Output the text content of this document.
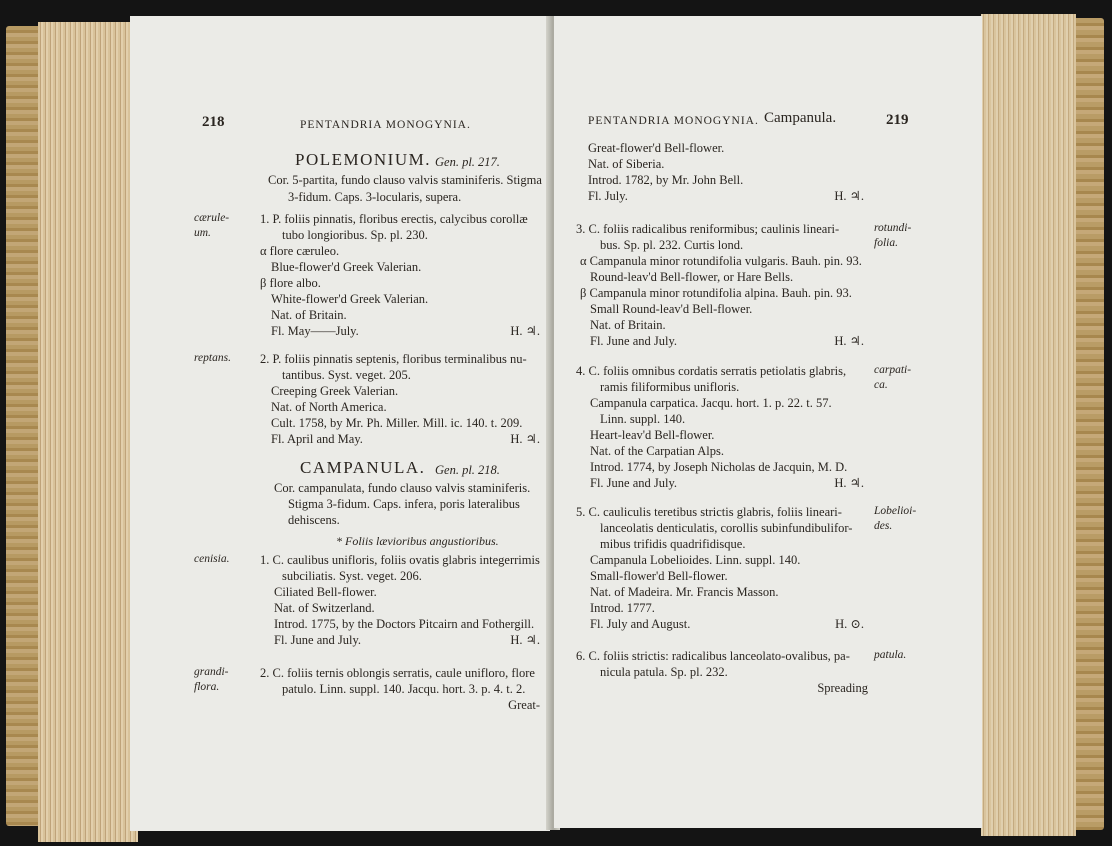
218	PENTANDRIA MONOGYNIA.
POLEMONIUM. Gen. pl. 217.
Cor. 5-partita, fundo clauso valvis staminiferis. Stigma
3-fidum. Caps. 3-locularis, supera.
cærule-um.
1. P. foliis pinnatis, floribus erectis, calycibus corollæ
tubo longioribus. Sp. pl. 230.
α flore cæruleo.
Blue-flower'd Greek Valerian.
β flore albo.
White-flower'd Greek Valerian.
Nat. of Britain.
Fl. May——July.	H. ♃.
reptans.	2. P. foliis pinnatis septenis, floribus terminalibus nu-
tantibus. Syst. veget. 205.
Creeping Greek Valerian.
Nat. of North America.
Cult. 1758, by Mr. Ph. Miller. Mill. ic. 140. t. 209.
Fl. April and May.	H. ♃.
CAMPANULA. Gen. pl. 218.
Cor. campanulata, fundo clauso valvis staminiferis.
Stigma 3-fidum. Caps. infera, poris lateralibus
dehiscens.
* Foliis lævioribus angustioribus.
cenisia.	1. C. caulibus unifloris, foliis ovatis glabris integerrimis
subciliatis. Syst. veget. 206.
Ciliated Bell-flower.
Nat. of Switzerland.
Introd. 1775, by the Doctors Pitcairn and Fothergill.
Fl. June and July.	H. ♃.
grandi-flora.
2. C. foliis ternis oblongis serratis, caule unifloro, flore
patulo. Linn. suppl. 140. Jacqu. hort. 3. p. 4. t. 2.
Great-
PENTANDRIA MONOGYNIA. Campanula.	219
Great-flower'd Bell-flower.
Nat. of Siberia.
Introd. 1782, by Mr. John Bell.
Fl. July.	H. ♃.
3. C. foliis radicalibus reniformibus; caulinis lineari-	rotundi-folia.
bus. Sp. pl. 232. Curtis lond.
α Campanula minor rotundifolia vulgaris. Bauh. pin. 93.
Round-leav'd Bell-flower, or Hare Bells.
β Campanula minor rotundifolia alpina. Bauh. pin. 93.
Small Round-leav'd Bell-flower.
Nat. of Britain.
Fl. June and July.	H. ♃.
4. C. foliis omnibus cordatis serratis petiolatis glabris, carpati-ca.
ramis filiformibus unifloris.
Campanula carpatica. Jacqu. hort. 1. p. 22. t. 57.
Linn. suppl. 140.
Heart-leav'd Bell-flower.
Nat. of the Carpatian Alps.
Introd. 1774, by Joseph Nicholas de Jacquin, M. D.
Fl. June and July.	H. ♃.
5. C. cauliculis teretibus strictis glabris, foliis lineari-	Lobelioi-des.
lanceolatis denticulatis, corollis subinfundibulifor-
mibus trifidis quadrifidisque.
Campanula Lobelioides. Linn. suppl. 140.
Small-flower'd Bell-flower.
Nat. of Madeira. Mr. Francis Masson.
Introd. 1777.
Fl. July and August.	H. ⊙.
6. C. foliis strictis: radicalibus lanceolato-ovalibus, pa- patula.
nicula patula. Sp. pl. 232.
Spreading
